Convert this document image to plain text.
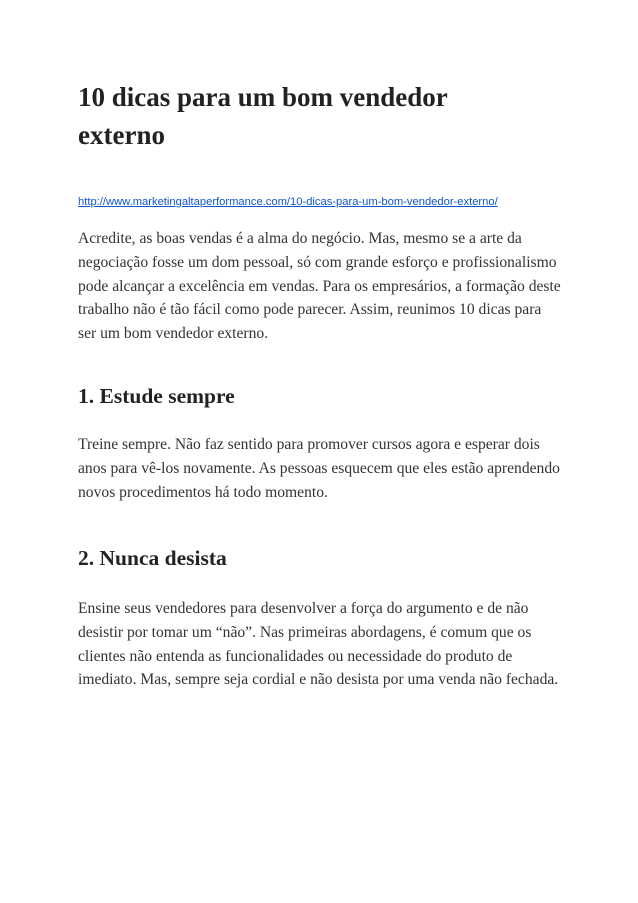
10 dicas para um bom vendedor
externo
http://www.marketingaltaperformance.com/10-dicas-para-um-bom-vendedor-externo/

Acredite, as boas vendas é a alma do negócio. Mas, mesmo se a arte da
negociação fosse um dom pessoal, só com grande esforço e profissionalismo
pode alcançar a excelência em vendas. Para os empresários, a formação deste
trabalho não é tão fácil como pode parecer. Assim, reunimos 10 dicas para
ser um bom vendedor externo.

1. Estude sempre

Treine sempre. Não faz sentido para promover cursos agora e esperar dois
anos para vê-los novamente. As pessoas esquecem que eles estão aprendendo
novos procedimentos há todo momento.

2. Nunca desista

Ensine seus vendedores para desenvolver a força do argumento e de não
desistir por tomar um “não”. Nas primeiras abordagens, é comum que os
clientes não entenda as funcionalidades ou necessidade do produto de
imediato. Mas, sempre seja cordial e não desista por uma venda não fechada.
